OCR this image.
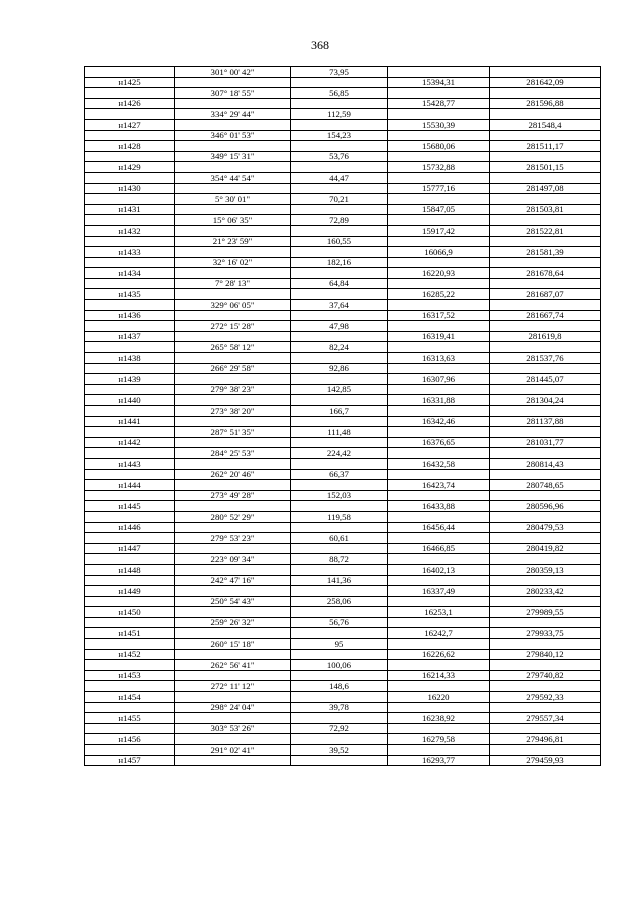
368
	301° 00' 42"	73,95		
н1425			15394,31	281642,09
	307° 18' 55"	56,85		
н1426			15428,77	281596,88
	334° 29' 44"	112,59		
н1427			15530,39	281548,4
	346° 01' 53"	154,23		
н1428			15680,06	281511,17
	349° 15' 31"	53,76		
н1429			15732,88	281501,15
	354° 44' 54"	44,47		
н1430			15777,16	281497,08
	5° 30' 01"	70,21		
н1431			15847,05	281503,81
	15° 06' 35"	72,89		
н1432			15917,42	281522,81
	21° 23' 59"	160,55		
н1433			16066,9	281581,39
	32° 16' 02"	182,16		
н1434			16220,93	281678,64
	7° 28' 13"	64,84		
н1435			16285,22	281687,07
	329° 06' 05"	37,64		
н1436			16317,52	281667,74
	272° 15' 28"	47,98		
н1437			16319,41	281619,8
	265° 58' 12"	82,24		
н1438			16313,63	281537,76
	266° 29' 58"	92,86		
н1439			16307,96	281445,07
	279° 38' 23"	142,85		
н1440			16331,88	281304,24
	273° 38' 20"	166,7		
н1441			16342,46	281137,88
	287° 51' 35"	111,48		
н1442			16376,65	281031,77
	284° 25' 53"	224,42		
н1443			16432,58	280814,43
	262° 20' 46"	66,37		
н1444			16423,74	280748,65
	273° 49' 28"	152,03		
н1445			16433,88	280596,96
	280° 52' 29"	119,58		
н1446			16456,44	280479,53
	279° 53' 23"	60,61		
н1447			16466,85	280419,82
	223° 09' 34"	88,72		
н1448			16402,13	280359,13
	242° 47' 16"	141,36		
н1449			16337,49	280233,42
	250° 54' 43"	258,06		
н1450			16253,1	279989,55
	259° 26' 32"	56,76		
н1451			16242,7	279933,75
	260° 15' 18"	95		
н1452			16226,62	279840,12
	262° 56' 41"	100,06		
н1453			16214,33	279740,82
	272° 11' 12"	148,6		
н1454			16220	279592,33
	298° 24' 04"	39,78		
н1455			16238,92	279557,34
	303° 53' 26"	72,92		
н1456			16279,58	279496,81
	291° 02' 41"	39,52		
н1457			16293,77	279459,93
